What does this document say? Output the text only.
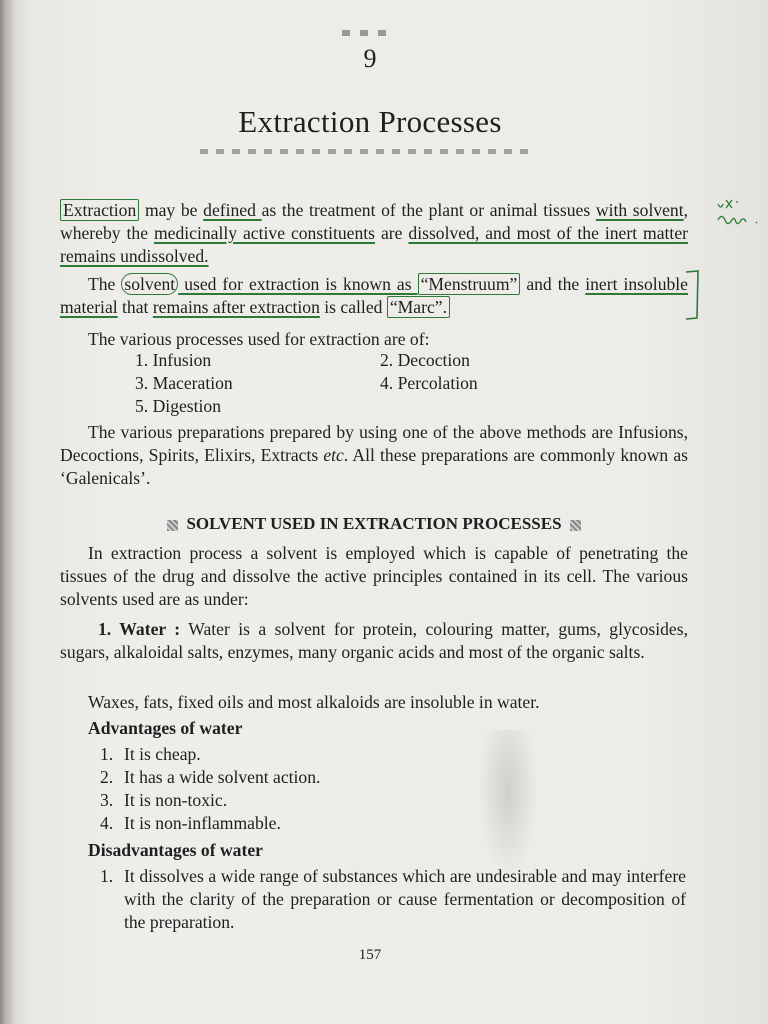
9
Extraction Processes

Extraction may be defined as the treatment of the plant or animal tissues with solvent, whereby the medicinally active constituents are dissolved, and most of the inert matter remains undissolved.

The solvent used for extraction is known as “Menstruum” and the inert insoluble material that remains after extraction is called “Marc”.

The various processes used for extraction are of:

1. Infusion	2. Decoction
3. Maceration	4. Percolation
5. Digestion

The various preparations prepared by using one of the above methods are Infusions, Decoctions, Spirits, Elixirs, Extracts etc. All these preparations are commonly known as ‘Galenicals’.

SOLVENT USED IN EXTRACTION PROCESSES

In extraction process a solvent is employed which is capable of penetrating the tissues of the drug and dissolve the active principles contained in its cell. The various solvents used are as under:

1. Water : Water is a solvent for protein, colouring matter, gums, glycosides, sugars, alkaloidal salts, enzymes, many organic acids and most of the organic salts.

Waxes, fats, fixed oils and most alkaloids are insoluble in water.

Advantages of water
1. It is cheap.
2. It has a wide solvent action.
3. It is non-toxic.
4. It is non-inflammable.
Disadvantages of water
1. It dissolves a wide range of substances which are undesirable and may interfere with the clarity of the preparation or cause fermentation or decomposition of the preparation.
157
